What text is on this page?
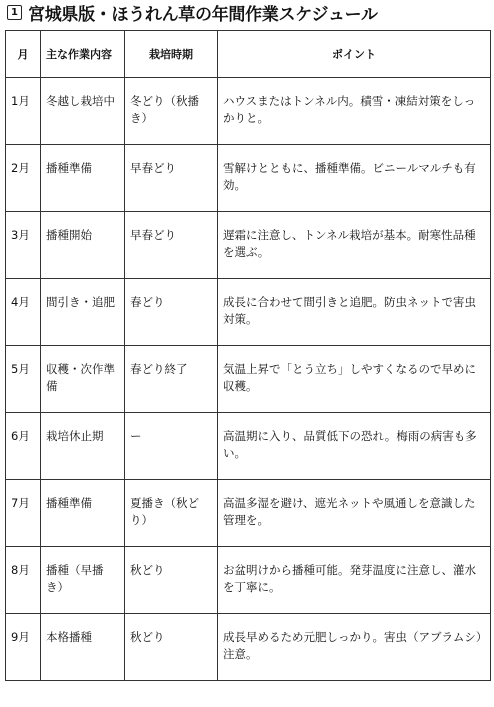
1 宮城県版・ほうれん草の年間作業スケジュール
月	主な作業内容	栽培時期	ポイント
1月	冬越し栽培中	冬どり（秋播き）	ハウスまたはトンネル内。積雪・凍結対策をしっかりと。
2月	播種準備	早春どり	雪解けとともに、播種準備。ビニールマルチも有効。
3月	播種開始	早春どり	遅霜に注意し、トンネル栽培が基本。耐寒性品種を選ぶ。
4月	間引き・追肥	春どり	成長に合わせて間引きと追肥。防虫ネットで害虫対策。
5月	収穫・次作準備	春どり終了	気温上昇で「とう立ち」しやすくなるので早めに収穫。
6月	栽培休止期	ー	高温期に入り、品質低下の恐れ。梅雨の病害も多い。
7月	播種準備	夏播き（秋どり）	高温多湿を避け、遮光ネットや風通しを意識した管理を。
8月	播種（早播き）	秋どり	お盆明けから播種可能。発芽温度に注意し、灌水を丁寧に。
9月	本格播種	秋どり	成長早めるため元肥しっかり。害虫（アブラムシ）注意。
